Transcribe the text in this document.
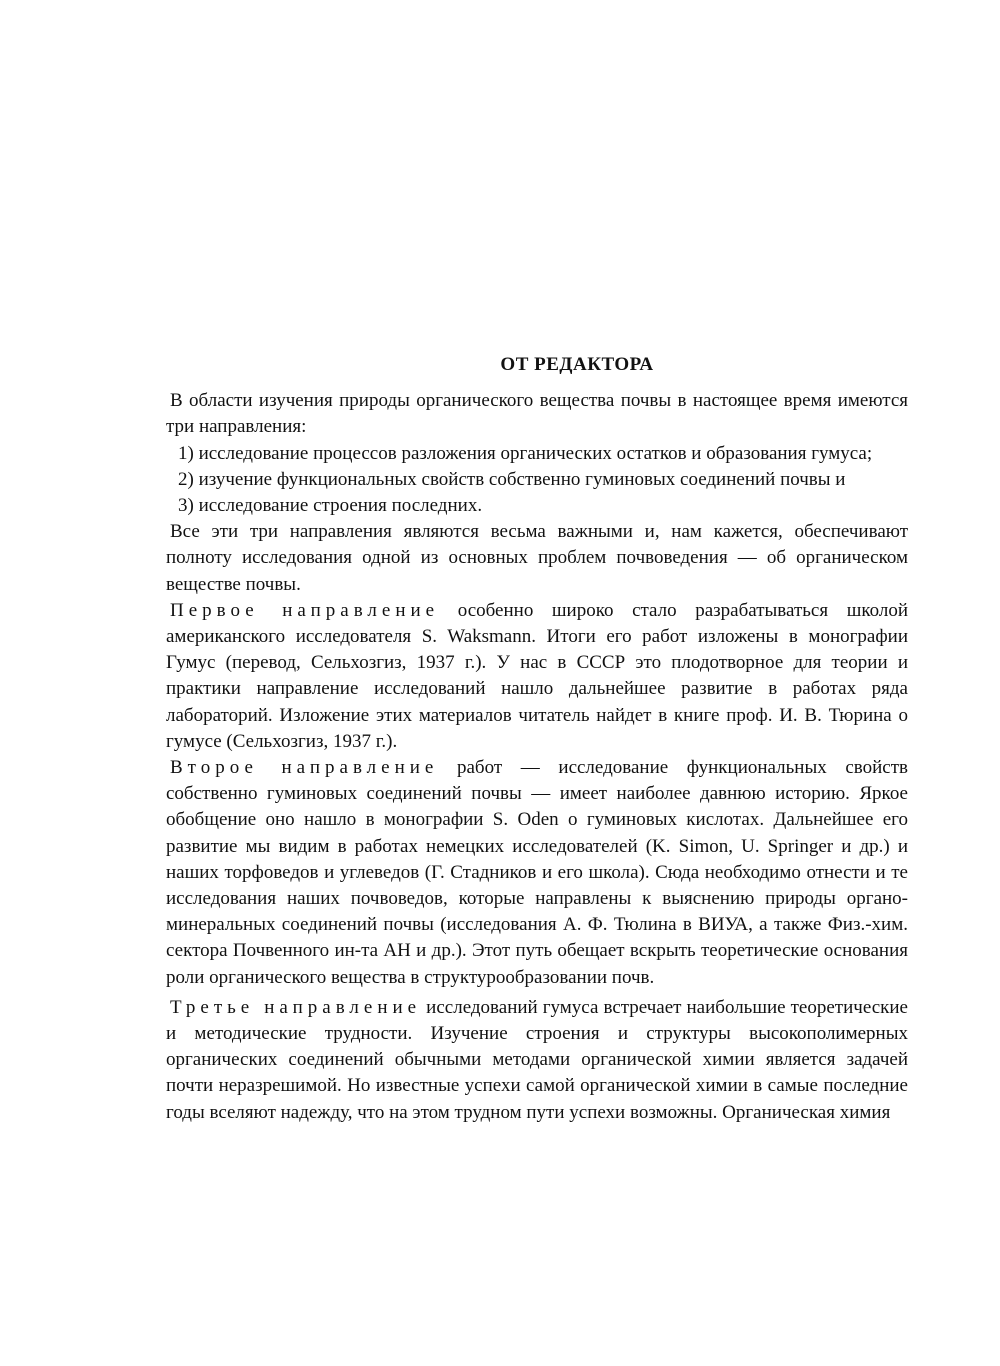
ОТ РЕДАКТОРА

В области изучения природы органического вещества почвы в настоящее время имеются три направления:

1) исследование процессов разложения органических остатков и образования гумуса;

2) изучение функциональных свойств собственно гуминовых соединений почвы и

3) исследование строения последних.

Все эти три направления являются весьма важными и, нам кажется, обеспечивают полноту исследования одной из основных проблем почвоведения — об органическом веществе почвы.

Первое направление особенно широко стало разрабатываться школой американского исследователя S. Waksmann. Итоги его работ изложены в монографии Гумус (перевод, Сельхозгиз, 1937 г.). У нас в СССР это плодотворное для теории и практики направление исследований нашло дальнейшее развитие в работах ряда лабораторий. Изложение этих материалов читатель найдет в книге проф. И. В. Тюрина о гумусе (Сельхозгиз, 1937 г.).

Второе направление работ — исследование функциональных свойств собственно гуминовых соединений почвы — имеет наиболее давнюю историю. Яркое обобщение оно нашло в монографии S. Oden о гуминовых кислотах. Дальнейшее его развитие мы видим в работах немецких исследователей (K. Simon, U. Springer и др.) и наших торфоведов и углеведов (Г. Стадников и его школа). Сюда необходимо отнести и те исследования наших почвоведов, которые направлены к выяснению природы органо-минеральных соединений почвы (исследования А. Ф. Тюлина в ВИУА, а также Физ.-хим. сектора Почвенного ин-та АН и др.). Этот путь обещает вскрыть теоретические основания роли органического вещества в структурообразовании почв.

Третье направление исследований гумуса встречает наибольшие теоретические и методические трудности. Изучение строения и структуры высокополимерных органических соединений обычными методами органической химии является задачей почти неразрешимой. Но известные успехи самой органической химии в самые последние годы вселяют надежду, что на этом трудном пути успехи возможны. Органическая химия
